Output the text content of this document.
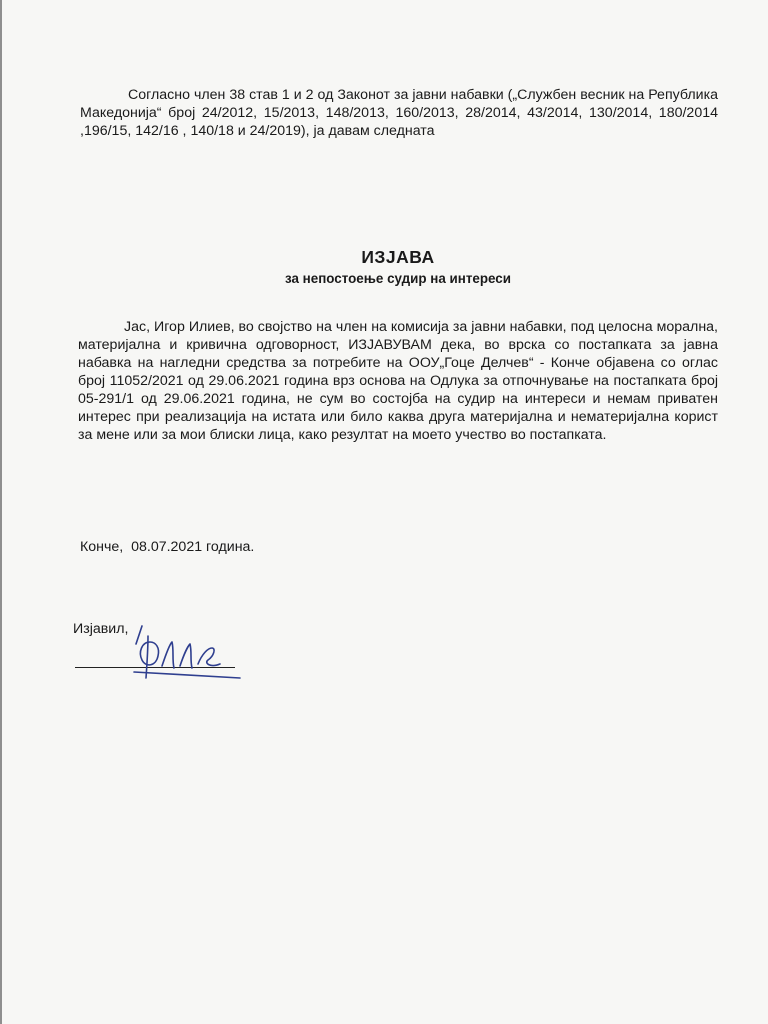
Согласно член 38 став 1 и 2 од Законот за јавни набавки („Службен весник на Република Македонија“ број 24/2012, 15/2013, 148/2013, 160/2013, 28/2014, 43/2014, 130/2014, 180/2014 ,196/15, 142/16 , 140/18 и 24/2019), ја давам следната

ИЗЈАВА
за непостоење судир на интереси

Јас, Игор Илиев, во својство на член на комисија за јавни набавки, под целосна морална, материјална и кривична одговорност, ИЗЈАВУВАМ дека, во врска со постапката за јавна набавка на нагледни средства за потребите на ООУ„Гоце Делчев“ - Конче објавена со оглас број 11052/2021 од 29.06.2021 година врз основа на Одлука за отпочнување на постапката број 05-291/1 од 29.06.2021 година, не сум во состојба на судир на интереси и немам приватен интерес при реализација на истата или било каква друга материјална и нематеријална корист за мене или за мои блиски лица, како резултат на моето учество во постапката.

Конче,  08.07.2021 година.

Изјавил,
